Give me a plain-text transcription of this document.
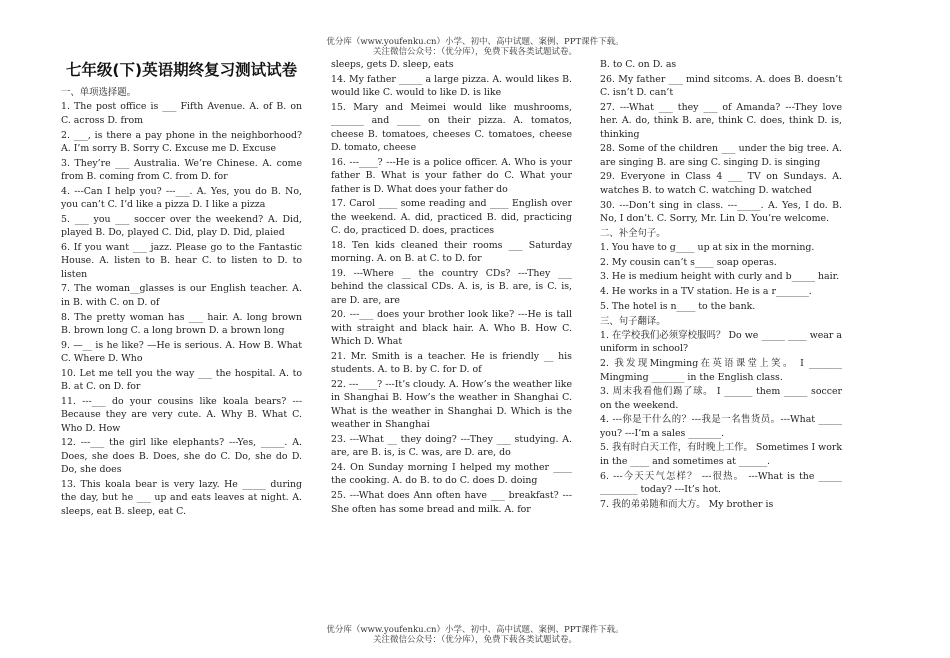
优分库（www.youfenku.cn）小学、初中、高中试题、案例、PPT课件下载。
关注微信公众号：（优分库），免费下载各类试题试卷。
七年级(下)英语期终复习测试试卷
一、单项选择题。

1. The post office is ___ Fifth Avenue. A. of B. on C. across D. from

2. ___, is there a pay phone in the neighborhood? A. I’m sorry B. Sorry C. Excuse me D. Excuse

3. They’re ___ Australia. We’re Chinese. A. come from B. coming from C. from D. for

4. ---Can I help you? ---___. A. Yes, you do B. No, you can’t C. I’d like a pizza D. I like a pizza

5. ___ you ___ soccer over the weekend? A. Did, played B. Do, played C. Did, play D. Did, plaied

6. If you want ___ jazz. Please go to the Fantastic House. A. listen to B. hear C. to listen to D. to listen

7. The woman__glasses is our English teacher. A. in B. with C. on D. of

8. The pretty woman has ___ hair. A. long brown B. brown long C. a long brown D. a brown long

9. —__ is he like? —He is serious. A. How B. What C. Where D. Who

10. Let me tell you the way ___ the hospital. A. to B. at C. on D. for

11. ---___ do your cousins like koala bears? ---Because they are very cute. A. Why B. What C. Who D. How

12. ---___ the girl like elephants? ---Yes, _____. A. Does, she does B. Does, she do C. Do, she do D. Do, she does

13. This koala bear is very lazy. He _____ during the day, but he ___ up and eats leaves at night. A. sleeps, eat B. sleep, eat C.

sleeps, gets D. sleep, eats

14. My father _____ a large pizza. A. would likes B. would like C. would to like D. is like

15. Mary and Meimei would like mushrooms, _______ and _____ on their pizza. A. tomatos, cheese B. tomatoes, cheeses C. tomatoes, cheese D. tomato, cheese

16. ---____? ---He is a police officer. A. Who is your father B. What is your father do C. What your father is D. What does your father do

17. Carol ____ some reading and ____ English over the weekend. A. did, practiced B. did, practicing C. do, practiced D. does, practices

18. Ten kids cleaned their rooms ___ Saturday morning. A. on B. at C. to D. for

19. ---Where __ the country CDs? ---They ___ behind the classical CDs. A. is, is B. are, is C. is, are D. are, are

20. ---___ does your brother look like? ---He is tall with straight and black hair. A. Who B. How C. Which D. What

21. Mr. Smith is a teacher. He is friendly __ his students. A. to B. by C. for D. of

22. ---____? ---It’s cloudy. A. How’s the weather like in Shanghai B. How’s the weather in Shanghai C. What is the weather in Shanghai D. Which is the weather in Shanghai

23. ---What __ they doing? ---They ___ studying. A. are, are B. is, is C. was, are D. are, do

24. On Sunday morning I helped my mother ____ the cooking. A. do B. to do C. does D. doing

25. ---What does Ann often have ___ breakfast? ---She often has some bread and milk. A. for

B. to C. on D. as

26. My father ___ mind sitcoms. A. does B. doesn’t C. isn’t D. can’t

27. ---What ___ they ___ of Amanda? ---They love her. A. do, think B. are, think C. does, think D. is, thinking

28. Some of the children ___ under the big tree. A. are singing B. are sing C. singing D. is singing

29. Everyone in Class 4 ___ TV on Sundays. A. watches B. to watch C. watching D. watched

30. ---Don’t sing in class. ---_____. A. Yes, I do. B. No, I don’t. C. Sorry, Mr. Lin D. You’re welcome.

二、补全句子。

1. You have to g____ up at six in the morning.

2. My cousin can’t s____ soap operas.

3. He is medium height with curly and b_____ hair.

4. He works in a TV station. He is a r_______.

5. The hotel is n____ to the bank.

三、句子翻译。

1. 在学校我们必须穿校服吗？ Do we _____ ____ wear a uniform in school?

2. 我发现Mingming在英语课堂上笑。 I _______ Mingming _______ in the English class.

3. 周末我看他们踢了球。 I ______ them _____ soccer on the weekend.

4. ---你是干什么的？---我是一名售货员。---What _____ you? ---I’m a sales _______.

5. 我有时白天工作，有时晚上工作。 Sometimes I work in the ____ and sometimes at ______.

6. ---今天天气怎样？ ---很热。 ---What is the _____ ________ today? ---It’s hot.

7. 我的弟弟随和而大方。 My brother is

优分库（www.youfenku.cn）小学、初中、高中试题、案例、PPT课件下载。
关注微信公众号：（优分库），免费下载各类试题试卷。
